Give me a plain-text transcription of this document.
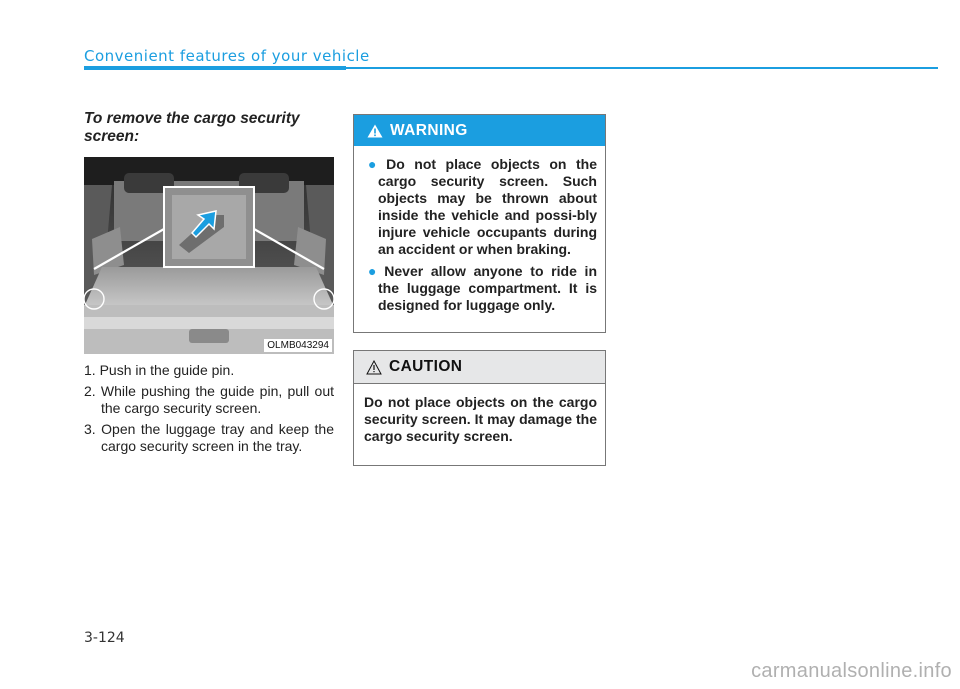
Convenient features of your vehicle
To remove the cargo security screen:
OLMB043294
1. Push in the guide pin.
2. While pushing the guide pin, pull out the cargo security screen.
3. Open the luggage tray and keep the cargo security screen in the tray.
WARNING
● Do not place objects on the cargo security screen. Such objects may be thrown about inside the vehicle and possi-bly injure vehicle occupants during an accident or when braking.
● Never allow anyone to ride in the luggage compartment. It is designed for luggage only.
CAUTION
Do not place objects on the cargo security screen. It may damage the cargo security screen.
3-124
carmanualsonline.info
